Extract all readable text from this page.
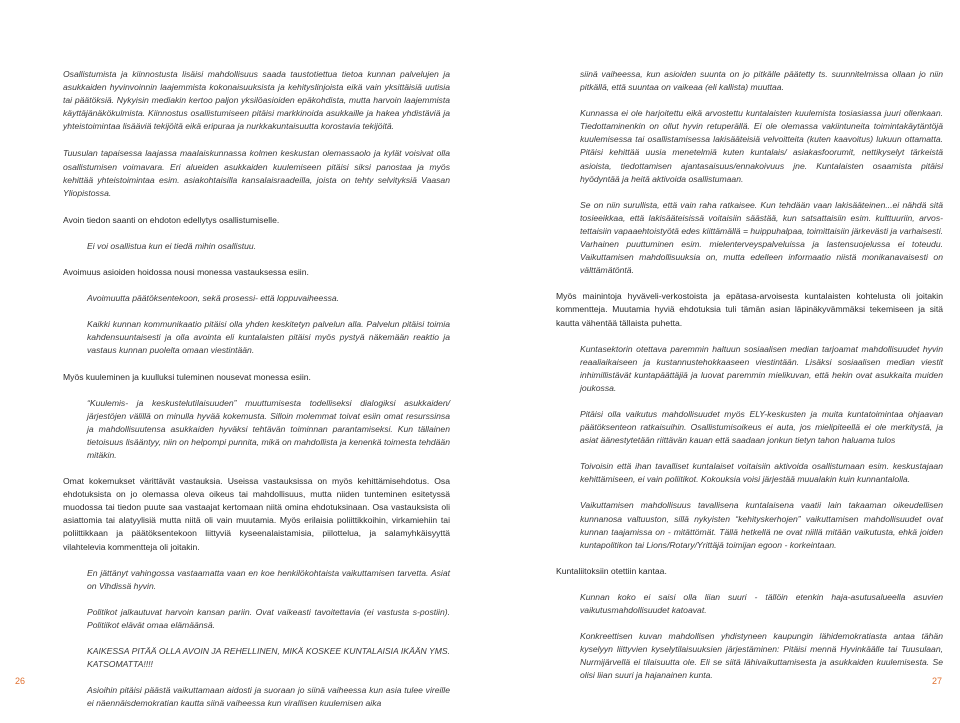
Osallistumista ja kiinnostusta lisäisi mahdollisuus saada taustotiettua tietoa kunnan palvelujen ja asukkaiden hyvinvoinnin laajemmista kokonaisuuksista ja kehityslinjoista eikä vain yksittäisiä uutisia tai päätöksiä. Nykyisin mediakin kertoo paljon yksilöasioiden epäkohdista, mutta harvoin laajemmista käyttäjänäkökulmista. Kiinnostus osallistumiseen pitäisi markkinoida asukkaille ja hakea yhdistäviä ja yhteistoimintaa lisääviä tekijöitä eikä eripuraa ja nurkkakuntaisuutta korostavia tekijöitä.

Tuusulan tapaisessa laajassa maalaiskunnassa kolmen keskustan olemassaolo ja kylät voisivat olla osallistumisen voimavara. Eri alueiden asukkaiden kuulemiseen pitäisi siksi panostaa ja myös kehittää yhteistoimintaa esim. asiakohtaisilla kansalaisraadeilla, joista on tehty selvityksiä Vaasan Yliopistossa.

Avoin tiedon saanti on ehdoton edellytys osallistumiselle.

Ei voi osallistua kun ei tiedä mihin osallistuu.

Avoimuus asioiden hoidossa nousi monessa vastauksessa esiin.

Avoimuutta päätöksentekoon, sekä prosessi- että loppuvaiheessa.

Kaikki kunnan kommunikaatio pitäisi olla yhden keskitetyn palvelun alla. Palvelun pitäisi toimia kahdensuuntaisesti ja olla avointa eli kuntalaisten pitäisi myös pystyä näkemään reaktio ja vastaus kunnan puolelta omaan viestintään.

Myös kuuleminen ja kuulluksi tuleminen nousevat monessa esiin.

“Kuulemis- ja keskustelutilaisuuden” muuttumisesta todelliseksi dialogiksi asukkaiden/ järjestöjen välillä on minulla hyvää kokemusta. Silloin molemmat toivat esiin omat resurssinsa ja mahdollisuutensa asukkaiden hyväksi tehtävän toiminnan parantamiseksi. Kun tällainen tietoisuus lisääntyy, niin on helpompi punnita, mikä on mahdollista ja kenenkä toimesta tehdään mitäkin.

Omat kokemukset värittävät vastauksia. Useissa vastauksissa on myös kehittämisehdotus. Osa ehdotuksista on jo olemassa oleva oikeus tai mahdollisuus, mutta niiden tunteminen esitetyssä muodossa tai tiedon puute saa vastaajat kertomaan niitä omina ehdotuksinaan. Osa vastauksista oli asiattomia tai alatyylisiä mutta niitä oli vain muutamia. Myös erilaisia poliittikkoihin, virkamiehiin tai poliittikkaan ja päätöksentekoon liittyviä kyseenalaistamisia, piilottelua, ja salamyhkäisyyttä vilahtelevia kommentteja oli joitakin.

En jättänyt vahingossa vastaamatta vaan en koe henkilökohtaista vaikuttamisen tarvetta. Asiat on Vihdissä hyvin.

Politikot jalkautuvat harvoin kansan pariin. Ovat vaikeasti tavoitettavia (ei vastusta s-postiin). Politiikot elävät omaa elämäänsä.

KAIKESSA PITÄÄ OLLA AVOIN JA REHELLINEN, MIKÄ KOSKEE KUNTALAISIA IKÄÄN YMS. KATSOMATTA!!!!

Asioihin pitäisi päästä vaikuttamaan aidosti ja suoraan jo siinä vaiheessa kun asia tulee vireille ei näennäisdemokratian kautta siinä vaiheessa kun virallisen kuulemisen aika

siinä vaiheessa, kun asioiden suunta on jo pitkälle päätetty ts. suunnitelmissa ollaan jo niin pitkällä, että suuntaa on vaikeaa (eli kallista) muuttaa.

Kunnassa ei ole harjoitettu eikä arvostettu kuntalaisten kuulemista tosiasiassa juuri ollenkaan. Tiedottaminenkin on ollut hyvin retuperällä. Ei ole olemassa vakiintuneita toimintakäytäntöjä kuulemisessa tai osallistamisessa lakisääteisiä velvoitteita (kuten kaavoitus) lukuun ottamatta. Pitäisi kehittää uusia menetelmiä kuten kuntalais/ asiakasfoorumit, nettikyselyt tärkeistä asioista, tiedottamisen ajantasaisuus/ennakoivuus jne. Kuntalaisten osaamista pitäisi hyödyntää ja heitä aktivoida osallistumaan.

Se on niin surullista, että vain raha ratkaisee. Kun tehdään vaan lakisääteinen...ei nähdä sitä tosieeikkaa, että lakisääteisissä voitaisiin säästää, kun satsattaisiin esim. kulttuuriin, arvos-tettaisiin vapaaehtoistyötä edes kiittämällä = huippuhalpaa, toimittaisiin järkevästi ja varhaisesti. Varhainen puuttuminen esim. mielenterveyspalveluissa ja lastensuojelussa ei toteudu. Vaikuttamisen mahdollisuuksia on, mutta edelleen informaatio niistä monikanavaisesti on välttämätöntä.

Myös mainintoja hyväveli-verkostoista ja epätasa-arvoisesta kuntalaisten kohtelusta oli joitakin kommentteja. Muutamia hyviä ehdotuksia tuli tämän asian läpinäkyvämmäksi tekemiseen ja sitä kautta vähentää tällaista puhetta.

Kuntasektorin otettava paremmin haltuun sosiaalisen median tarjoamat mahdollisuudet hyvin reaaliaikaiseen ja kustannustehokkaaseen viestintään. Lisäksi sosiaalisen median viestit inhimillistävät kuntapäättäjiä ja luovat paremmin mielikuvan, että hekin ovat asukkaita muiden joukossa.

Pitäisi olla vaikutus mahdollisuudet myös ELY-keskusten ja muita kuntatoimintaa ohjaavan päätöksenteon ratkaisuihin. Osallistumisoikeus ei auta, jos mielipiteellä ei ole merkitystä, ja asiat äänestytetään riittävän kauan että saadaan jonkun tietyn tahon haluama tulos

Toivoisin että ihan tavalliset kuntalaiset voitaisiin aktivoida osallistumaan esim. keskustajaan kehittämiseen, ei vain poliitikot. Kokouksia voisi järjestää muualakin kuin kunnantalolla.

Vaikuttamisen mahdollisuus tavallisena kuntalaisena vaatii lain takaaman oikeudellisen kunnanosa valtuuston, sillä nykyisten “kehityskerhojen” vaikuttamisen mahdollisuudet ovat kunnan taajamissa on - mitättömät. Tällä hetkellä ne ovat niillä mitään vaikutusta, ehkä joiden kuntapolitikon tai Lions/Rotary/Yrittäjä toimijan egoon - korkeintaan.

Kuntaliitoksiin otettiin kantaa.

Kunnan koko ei saisi olla liian suuri - tällöin etenkin haja-asutusalueella asuvien vaikutusmahdollisuudet katoavat.

Konkreettisen kuvan mahdollisen yhdistyneen kaupungin lähidemokratiasta antaa tähän kyselyyn liittyvien kyselytilaisuuksien järjestäminen: Pitäisi mennä Hyvinkäälle tai Tuusulaan, Nurmijärvellä ei tilaisuutta ole. Eli se siitä lähivaikuttamisesta ja asukkaiden kuulemisesta. Se olisi liian suuri ja hajanainen kunta.

26	27
